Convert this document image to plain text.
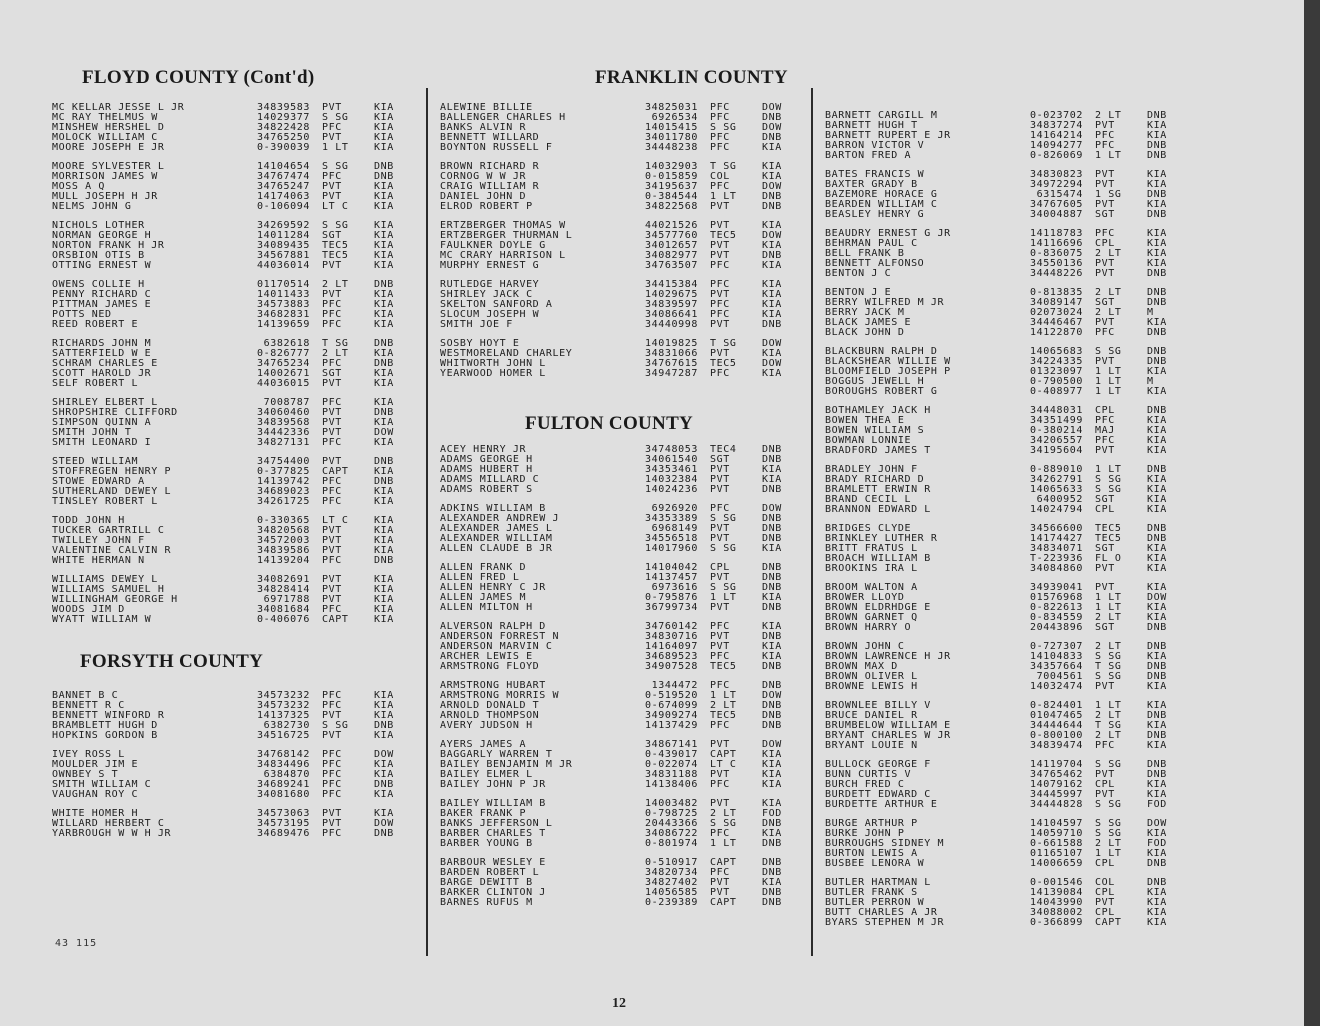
FLOYD COUNTY (Cont'd)
MC KELLAR JESSE L JR	34839583	PVT	KIA
MC RAY THELMUS W	14029377	S SG	KIA
MINSHEW HERSHEL D	34822428	PFC	KIA
MOLOCK WILLIAM C	34765250	PVT	KIA
MOORE JOSEPH E JR	0-390039	1 LT	KIA
MOORE SYLVESTER L	14104654	S SG	DNB
MORRISON JAMES W	34767474	PFC	DNB
MOSS A Q	34765247	PVT	KIA
MULL JOSEPH H JR	14174063	PVT	KIA
NELMS JOHN G	0-106094	LT C	KIA
NICHOLS LOTHER	34269592	S SG	KIA
NORMAN GEORGE H	14011284	SGT	KIA
NORTON FRANK H JR	34089435	TEC5	KIA
ORSBION OTIS B	34567881	TEC5	KIA
OTTING ERNEST W	44036014	PVT	KIA
OWENS COLLIE H	01170514	2 LT	DNB
PENNY RICHARD C	14011433	PVT	KIA
PITTMAN JAMES E	34573883	PFC	KIA
POTTS NED	34682831	PFC	KIA
REED ROBERT E	14139659	PFC	KIA
RICHARDS JOHN M	6382618	T SG	DNB
SATTERFIELD W E	0-826777	2 LT	KIA
SCHRAM CHARLES E	34765234	PFC	DNB
SCOTT HAROLD JR	14002671	SGT	KIA
SELF ROBERT L	44036015	PVT	KIA
SHIRLEY ELBERT L	7008787	PFC	KIA
SHROPSHIRE CLIFFORD	34060460	PVT	DNB
SIMPSON QUINN A	34839568	PVT	KIA
SMITH JOHN T	34442336	PVT	DOW
SMITH LEONARD I	34827131	PFC	KIA
STEED WILLIAM	34754400	PVT	DNB
STOFFREGEN HENRY P	0-377825	CAPT	KIA
STOWE EDWARD A	14139742	PFC	DNB
SUTHERLAND DEWEY L	34689023	PFC	KIA
TINSLEY ROBERT L	34261725	PFC	KIA
TODD JOHN H	0-330365	LT C	KIA
TUCKER GARTRILL C	34820568	PVT	KIA
TWILLEY JOHN F	34572003	PVT	KIA
VALENTINE CALVIN R	34839586	PVT	KIA
WHITE HERMAN N	14139204	PFC	DNB
WILLIAMS DEWEY L	34082691	PVT	KIA
WILLIAMS SAMUEL H	34828414	PVT	KIA
WILLINGHAM GEORGE H	6971788	PVT	KIA
WOODS JIM D	34081684	PFC	KIA
WYATT WILLIAM W	0-406076	CAPT	KIA
FORSYTH COUNTY
BANNET B C	34573232	PFC	KIA
BENNETT R C	34573232	PFC	KIA
BENNETT WINFORD R	14137325	PVT	KIA
BRAMBLETT HUGH D	6382730	S SG	DNB
HOPKINS GORDON B	34516725	PVT	KIA
IVEY ROSS L	34768142	PFC	DOW
MOULDER JIM E	34834496	PFC	KIA
OWNBEY S T	6384870	PFC	KIA
SMITH WILLIAM C	34689241	PFC	DNB
VAUGHAN ROY C	34081680	PFC	KIA
WHITE HOMER H	34573063	PVT	KIA
WILLARD HERBERT C	34573195	PVT	DOW
YARBROUGH W W H JR	34689476	PFC	DNB
FRANKLIN COUNTY
ALEWINE BILLIE	34825031	PFC	DOW
BALLENGER CHARLES H	6926534	PFC	DNB
BANKS ALVIN R	14015415	S SG	DOW
BENNETT WILLARD	34011780	PFC	DNB
BOYNTON RUSSELL F	34448238	PFC	KIA
BROWN RICHARD R	14032903	T SG	KIA
CORNOG W W JR	0-015859	COL	KIA
CRAIG WILLIAM R	34195637	PFC	DOW
DANIEL JOHN D	0-384544	1 LT	DNB
ELROD ROBERT P	34822568	PVT	DNB
ERTZBERGER THOMAS W	44021526	PVT	KIA
ERTZBERGER THURMAN L	34577760	TEC5	DOW
FAULKNER DOYLE G	34012657	PVT	KIA
MC CRARY HARRISON L	34082977	PVT	DNB
MURPHY ERNEST G	34763507	PFC	KIA
RUTLEDGE HARVEY	34415384	PFC	KIA
SHIRLEY JACK C	14029675	PVT	KIA
SKELTON SANFORD A	34839597	PFC	KIA
SLOCUM JOSEPH W	34086641	PFC	KIA
SMITH JOE F	34440998	PVT	DNB
SOSBY HOYT E	14019825	T SG	DOW
WESTMORELAND CHARLEY	34831066	PVT	KIA
WHITWORTH JOHN L	34767615	TEC5	DOW
YEARWOOD HOMER L	34947287	PFC	KIA
FULTON COUNTY
ACEY HENRY JR	34748053	TEC4	DNB
ADAMS GEORGE H	34061540	SGT	DNB
ADAMS HUBERT H	34353461	PVT	KIA
ADAMS MILLARD C	14032384	PVT	KIA
ADAMS ROBERT S	14024236	PVT	DNB
ADKINS WILLIAM B	6926920	PFC	DOW
ALEXANDER ANDREW J	34353389	S SG	DNB
ALEXANDER JAMES L	6968149	PVT	DNB
ALEXANDER WILLIAM	34556518	PVT	DNB
ALLEN CLAUDE B JR	14017960	S SG	KIA
ALLEN FRANK D	14104042	CPL	DNB
ALLEN FRED L	14137457	PVT	DNB
ALLEN HENRY C JR	6973616	S SG	DNB
ALLEN JAMES M	0-795876	1 LT	KIA
ALLEN MILTON H	36799734	PVT	DNB
ALVERSON RALPH D	34760142	PFC	KIA
ANDERSON FORREST N	34830716	PVT	DNB
ANDERSON MARVIN C	14164097	PVT	KIA
ARCHER LEWIS E	34689523	PFC	KIA
ARMSTRONG FLOYD	34907528	TEC5	DNB
ARMSTRONG HUBART	1344472	PFC	DNB
ARMSTRONG MORRIS W	0-519520	1 LT	DOW
ARNOLD DONALD T	0-674099	2 LT	DNB
ARNOLD THOMPSON	34909274	TEC5	DNB
AVERY JUDSON H	14137429	PFC	DNB
AYERS JAMES A	34867141	PVT	DOW
BAGGARLY WARREN T	0-439017	CAPT	KIA
BAILEY BENJAMIN M JR	0-022074	LT C	KIA
BAILEY ELMER L	34831188	PVT	KIA
BAILEY JOHN P JR	14138406	PFC	KIA
BAILEY WILLIAM B	14003482	PVT	KIA
BAKER FRANK P	0-798725	2 LT	FOD
BANKS JEFFERSON L	20443366	S SG	DNB
BARBER CHARLES T	34086722	PFC	KIA
BARBER YOUNG B	0-801974	1 LT	DNB
BARBOUR WESLEY E	0-510917	CAPT	DNB
BARDEN ROBERT L	34820734	PFC	DNB
BARGE DEWITT B	34827402	PVT	KIA
BARKER CLINTON J	14056585	PVT	DNB
BARNES RUFUS M	0-239389	CAPT	DNB
BARNETT CARGILL M	0-023702	2 LT	DNB
BARNETT HUGH T	34837274	PVT	KIA
BARNETT RUPERT E JR	14164214	PFC	KIA
BARRON VICTOR V	14094277	PFC	DNB
BARTON FRED A	0-826069	1 LT	DNB
BATES FRANCIS W	34830823	PVT	KIA
BAXTER GRADY B	34972294	PVT	KIA
BAZEMORE HORACE G	6315474	1 SG	DNB
BEARDEN WILLIAM C	34767605	PVT	KIA
BEASLEY HENRY G	34004887	SGT	DNB
BEAUDRY ERNEST G JR	14118783	PFC	KIA
BEHRMAN PAUL C	14116696	CPL	KIA
BELL FRANK B	0-836075	2 LT	KIA
BENNETT ALFONSO	34550136	PVT	KIA
BENTON J C	34448226	PVT	DNB
BENTON J E	0-813835	2 LT	DNB
BERRY WILFRED M JR	34089147	SGT	DNB
BERRY JACK M	02073024	2 LT	M
BLACK JAMES E	34446467	PVT	KIA
BLACK JOHN D	14122870	PFC	DNB
BLACKBURN RALPH D	14065683	S SG	DNB
BLACKSHEAR WILLIE W	34224335	PVT	DNB
BLOOMFIELD JOSEPH P	01323097	1 LT	KIA
BOGGUS JEWELL H	0-790500	1 LT	M
BOROUGHS ROBERT G	0-408977	1 LT	KIA
BOTHAMLEY JACK H	34448031	CPL	DNB
BOWEN THEA E	34351499	PFC	KIA
BOWEN WILLIAM S	0-380214	MAJ	KIA
BOWMAN LONNIE	34206557	PFC	KIA
BRADFORD JAMES T	34195604	PVT	KIA
BRADLEY JOHN F	0-889010	1 LT	DNB
BRADY RICHARD D	34262791	S SG	KIA
BRAMLETT ERWIN R	14065633	S SG	KIA
BRAND CECIL L	6400952	SGT	KIA
BRANNON EDWARD L	14024794	CPL	KIA
BRIDGES CLYDE	34566600	TEC5	DNB
BRINKLEY LUTHER R	14174427	TEC5	DNB
BRITT FRATUS L	34834071	SGT	KIA
BROACH WILLIAM B	T-223936	FL O	KIA
BROOKINS IRA L	34084860	PVT	KIA
BROOM WALTON A	34939041	PVT	KIA
BROWER LLOYD	01576968	1 LT	DOW
BROWN ELDRHDGE E	0-822613	1 LT	KIA
BROWN GARNET Q	0-834559	2 LT	KIA
BROWN HARRY O	20443896	SGT	DNB
BROWN JOHN C	0-727307	2 LT	DNB
BROWN LAWRENCE H JR	14104833	S SG	KIA
BROWN MAX D	34357664	T SG	DNB
BROWN OLIVER L	7004561	S SG	DNB
BROWNE LEWIS H	14032474	PVT	KIA
BROWNLEE BILLY V	0-824401	1 LT	KIA
BRUCE DANIEL R	01047465	2 LT	DNB
BRUMBELOW WILLIAM E	34444644	T SG	KIA
BRYANT CHARLES W JR	0-800100	2 LT	DNB
BRYANT LOUIE N	34839474	PFC	KIA
BULLOCK GEORGE F	14119704	S SG	DNB
BUNN CURTIS V	34765462	PVT	DNB
BURCH FRED C	14079162	CPL	KIA
BURDETT EDWARD C	34445997	PVT	KIA
BURDETTE ARTHUR E	34444828	S SG	FOD
BURGE ARTHUR P	14104597	S SG	DOW
BURKE JOHN P	14059710	S SG	KIA
BURROUGHS SIDNEY M	0-661588	2 LT	FOD
BURTON LEWIS A	01165107	1 LT	KIA
BUSBEE LENORA W	14006659	CPL	DNB
BUTLER HARTMAN L	0-001546	COL	DNB
BUTLER FRANK S	14139084	CPL	KIA
BUTLER PERRON W	14043990	PVT	KIA
BUTT CHARLES A JR	34088002	CPL	KIA
BYARS STEPHEN M JR	0-366899	CAPT	KIA
43 115
12
